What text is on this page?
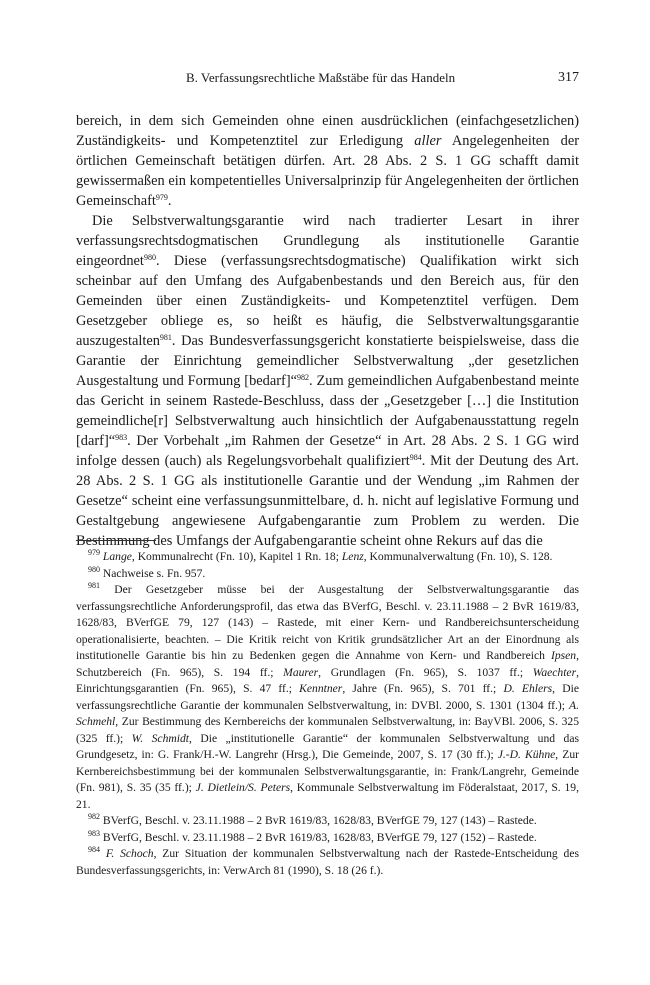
B. Verfassungsrechtliche Maßstäbe für das Handeln	317

bereich, in dem sich Gemeinden ohne einen ausdrücklichen (einfachgesetzlichen) Zuständigkeits- und Kompetenztitel zur Erledigung aller Angelegenheiten der örtlichen Gemeinschaft betätigen dürfen. Art. 28 Abs. 2 S. 1 GG schafft damit gewissermaßen ein kompetentielles Universalprinzip für Angelegenheiten der örtlichen Gemeinschaft$^{979}$.

Die Selbstverwaltungsgarantie wird nach tradierter Lesart in ihrer verfassungsrechtsdogmatischen Grundlegung als institutionelle Garantie eingeordnet$^{980}$. Diese (verfassungsrechtsdogmatische) Qualifikation wirkt sich scheinbar auf den Umfang des Aufgabenbestands und den Bereich aus, für den Gemeinden über einen Zuständigkeits- und Kompetenztitel verfügen. Dem Gesetzgeber obliege es, so heißt es häufig, die Selbstverwaltungsgarantie auszugestalten$^{981}$. Das Bundesverfassungsgericht konstatierte beispielsweise, dass die Garantie der Einrichtung gemeindlicher Selbstverwaltung „der gesetzlichen Ausgestaltung und Formung [bedarf]“$^{982}$. Zum gemeindlichen Aufgabenbestand meinte das Gericht in seinem Rastede-Beschluss, dass der „Gesetzgeber […] die Institution gemeindliche[r] Selbstverwaltung auch hinsichtlich der Aufgabenausstattung regeln [darf]“$^{983}$. Der Vorbehalt „im Rahmen der Gesetze“ in Art. 28 Abs. 2 S. 1 GG wird infolge dessen (auch) als Regelungsvorbehalt qualifiziert$^{984}$. Mit der Deutung des Art. 28 Abs. 2 S. 1 GG als institutionelle Garantie und der Wendung „im Rahmen der Gesetze“ scheint eine verfassungsunmittelbare, d. h. nicht auf legislative Formung und Gestaltgebung angewiesene Aufgabengarantie zum Problem zu werden. Die Bestimmung des Umfangs der Aufgabengarantie scheint ohne Rekurs auf das die

$^{979}$ Lange, Kommunalrecht (Fn. 10), Kapitel 1 Rn. 18; Lenz, Kommunalverwaltung (Fn. 10), S. 128.

$^{980}$ Nachweise s. Fn. 957.

$^{981}$ Der Gesetzgeber müsse bei der Ausgestaltung der Selbstverwaltungsgarantie das verfassungsrechtliche Anforderungsprofil, das etwa das BVerfG, Beschl. v. 23.11.1988 – 2 BvR 1619/83, 1628/83, BVerfGE 79, 127 (143) – Rastede, mit einer Kern- und Randbereichsunterscheidung operationalisierte, beachten. – Die Kritik reicht von Kritik grundsätzlicher Art an der Einordnung als institutionelle Garantie bis hin zu Bedenken gegen die Annahme von Kern- und Randbereich Ipsen, Schutzbereich (Fn. 965), S. 194 ff.; Maurer, Grundlagen (Fn. 965), S. 1037 ff.; Waechter, Einrichtungsgarantien (Fn. 965), S. 47 ff.; Kenntner, Jahre (Fn. 965), S. 701 ff.; D. Ehlers, Die verfassungsrechtliche Garantie der kommunalen Selbstverwaltung, in: DVBl. 2000, S. 1301 (1304 ff.); A. Schmehl, Zur Bestimmung des Kernbereichs der kommunalen Selbstverwaltung, in: BayVBl. 2006, S. 325 (325 ff.); W. Schmidt, Die „institutionelle Garantie“ der kommunalen Selbstverwaltung und das Grundgesetz, in: G. Frank/H.-W. Langrehr (Hrsg.), Die Gemeinde, 2007, S. 17 (30 ff.); J.-D. Kühne, Zur Kernbereichsbestimmung bei der kommunalen Selbstverwaltungsgarantie, in: Frank/Langrehr, Gemeinde (Fn. 981), S. 35 (35 ff.); J. Dietlein/S. Peters, Kommunale Selbstverwaltung im Föderalstaat, 2017, S. 19, 21.

$^{982}$ BVerfG, Beschl. v. 23.11.1988 – 2 BvR 1619/83, 1628/83, BVerfGE 79, 127 (143) – Rastede.

$^{983}$ BVerfG, Beschl. v. 23.11.1988 – 2 BvR 1619/83, 1628/83, BVerfGE 79, 127 (152) – Rastede.

$^{984}$ F. Schoch, Zur Situation der kommunalen Selbstverwaltung nach der Rastede-Entscheidung des Bundesverfassungsgerichts, in: VerwArch 81 (1990), S. 18 (26 f.).
